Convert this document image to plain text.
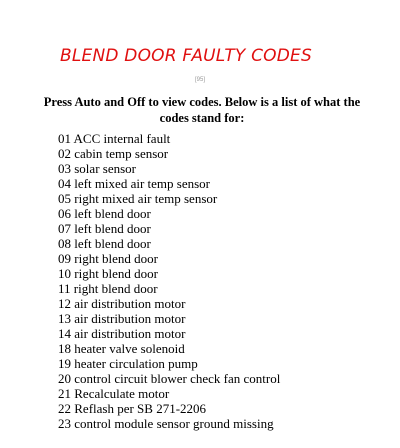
BLEND DOOR FAULTY CODES
[95]

Press Auto and Off to view codes. Below is a list of what the codes stand for:

01 ACC internal fault
02 cabin temp sensor
03 solar sensor
04 left mixed air temp sensor
05 right mixed air temp sensor
06 left blend door
07 left blend door
08 left blend door
09 right blend door
10 right blend door
11 right blend door
12 air distribution motor
13 air distribution motor
14 air distribution motor
18 heater valve solenoid
19 heater circulation pump
20 control circuit blower check fan control
21 Recalculate motor
22 Reflash per SB 271-2206
23 control module sensor ground missing
